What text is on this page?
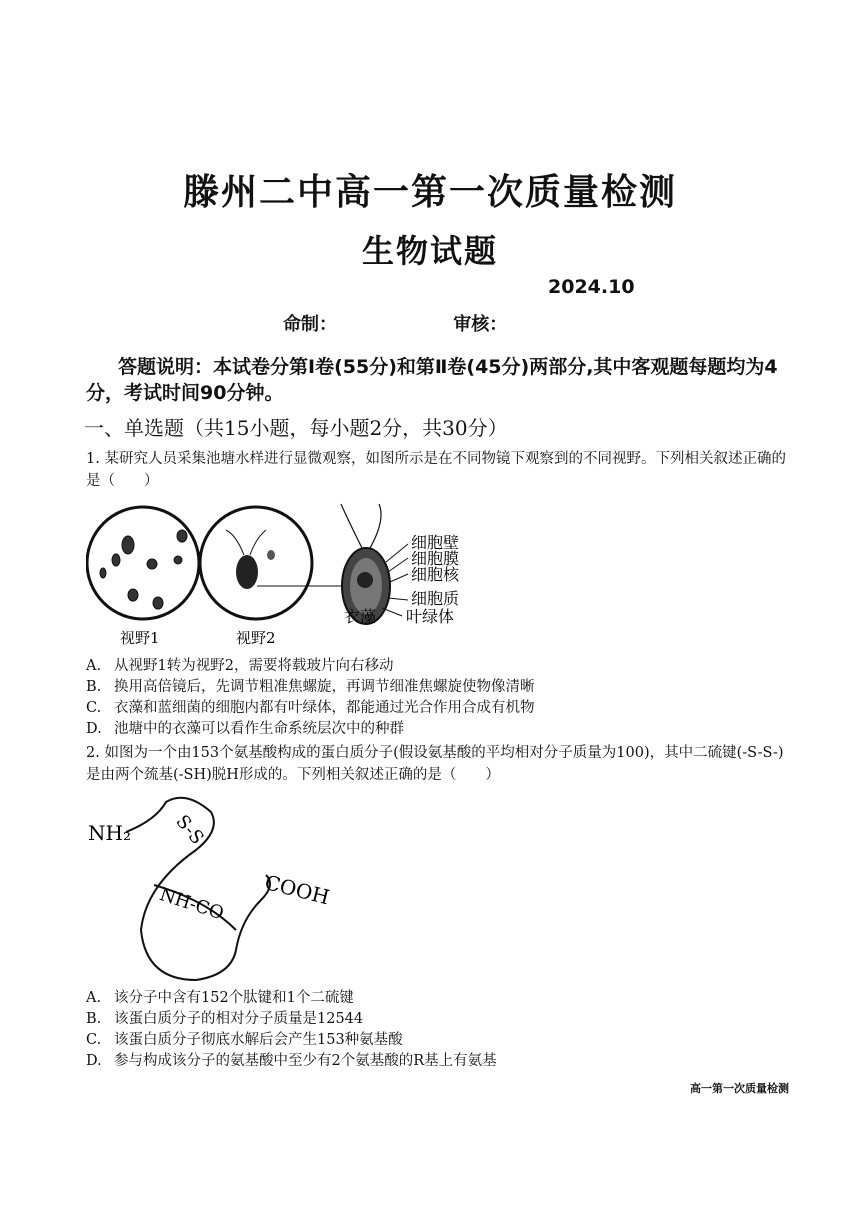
滕州二中高一第一次质量检测
生物试题
2024.10
命制：	审核：
答题说明：本试卷分第Ⅰ卷(55分)和第Ⅱ卷(45分)两部分,其中客观题每题均为4分，考试时间90分钟。
一、单选题（共15小题，每小题2分，共30分）
1. 某研究人员采集池塘水样进行显微观察，如图所示是在不同物镜下观察到的不同视野。下列相关叙述正确的是（　　）
细胞壁
细胞膜
细胞核
细胞质
叶绿体
衣藻
视野1	视野2
A. 从视野1转为视野2，需要将载玻片向右移动
B. 换用高倍镜后，先调节粗准焦螺旋，再调节细准焦螺旋使物像清晰
C. 衣藻和蓝细菌的细胞内都有叶绿体，都能通过光合作用合成有机物
D. 池塘中的衣藻可以看作生命系统层次中的种群
2. 如图为一个由153个氨基酸构成的蛋白质分子(假设氨基酸的平均相对分子质量为100)，其中二硫键(-S-S-)是由两个巯基(-SH)脱H形成的。下列相关叙述正确的是（　　）
NH₂ S-S
NH-CO COOH
A. 该分子中含有152个肽键和1个二硫键
B. 该蛋白质分子的相对分子质量是12544
C. 该蛋白质分子彻底水解后会产生153种氨基酸
D. 参与构成该分子的氨基酸中至少有2个氨基酸的R基上有氨基
高一第一次质量检测
